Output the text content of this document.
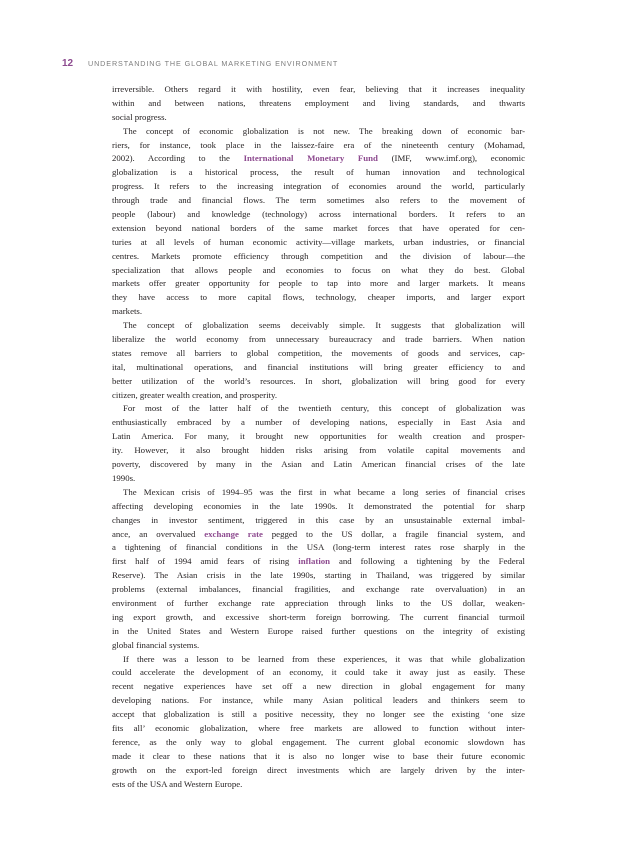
12	UNDERSTANDING THE GLOBAL MARKETING ENVIRONMENT
irreversible. Others regard it with hostility, even fear, believing that it increases inequality
within and between nations, threatens employment and living standards, and thwarts
social progress.
The concept of economic globalization is not new. The breaking down of economic bar-
riers, for instance, took place in the laissez-faire era of the nineteenth century (Mohamad,
2002). According to the International Monetary Fund (IMF, www.imf.org), economic
globalization is a historical process, the result of human innovation and technological
progress. It refers to the increasing integration of economies around the world, particularly
through trade and financial flows. The term sometimes also refers to the movement of
people (labour) and knowledge (technology) across international borders. It refers to an
extension beyond national borders of the same market forces that have operated for cen-
turies at all levels of human economic activity—village markets, urban industries, or financial
centres. Markets promote efficiency through competition and the division of labour—the
specialization that allows people and economies to focus on what they do best. Global
markets offer greater opportunity for people to tap into more and larger markets. It means
they have access to more capital flows, technology, cheaper imports, and larger export
markets.
The concept of globalization seems deceivably simple. It suggests that globalization will
liberalize the world economy from unnecessary bureaucracy and trade barriers. When nation
states remove all barriers to global competition, the movements of goods and services, cap-
ital, multinational operations, and financial institutions will bring greater efficiency to and
better utilization of the world’s resources. In short, globalization will bring good for every
citizen, greater wealth creation, and prosperity.
For most of the latter half of the twentieth century, this concept of globalization was
enthusiastically embraced by a number of developing nations, especially in East Asia and
Latin America. For many, it brought new opportunities for wealth creation and prosper-
ity. However, it also brought hidden risks arising from volatile capital movements and
poverty, discovered by many in the Asian and Latin American financial crises of the late
1990s.
The Mexican crisis of 1994–95 was the first in what became a long series of financial crises
affecting developing economies in the late 1990s. It demonstrated the potential for sharp
changes in investor sentiment, triggered in this case by an unsustainable external imbal-
ance, an overvalued exchange rate pegged to the US dollar, a fragile financial system, and
a tightening of financial conditions in the USA (long-term interest rates rose sharply in the
first half of 1994 amid fears of rising inflation and following a tightening by the Federal
Reserve). The Asian crisis in the late 1990s, starting in Thailand, was triggered by similar
problems (external imbalances, financial fragilities, and exchange rate overvaluation) in an
environment of further exchange rate appreciation through links to the US dollar, weaken-
ing export growth, and excessive short-term foreign borrowing. The current financial turmoil
in the United States and Western Europe raised further questions on the integrity of existing
global financial systems.
If there was a lesson to be learned from these experiences, it was that while globalization
could accelerate the development of an economy, it could take it away just as easily. These
recent negative experiences have set off a new direction in global engagement for many
developing nations. For instance, while many Asian political leaders and thinkers seem to
accept that globalization is still a positive necessity, they no longer see the existing ‘one size
fits all’ economic globalization, where free markets are allowed to function without inter-
ference, as the only way to global engagement. The current global economic slowdown has
made it clear to these nations that it is also no longer wise to base their future economic
growth on the export-led foreign direct investments which are largely driven by the inter-
ests of the USA and Western Europe.
